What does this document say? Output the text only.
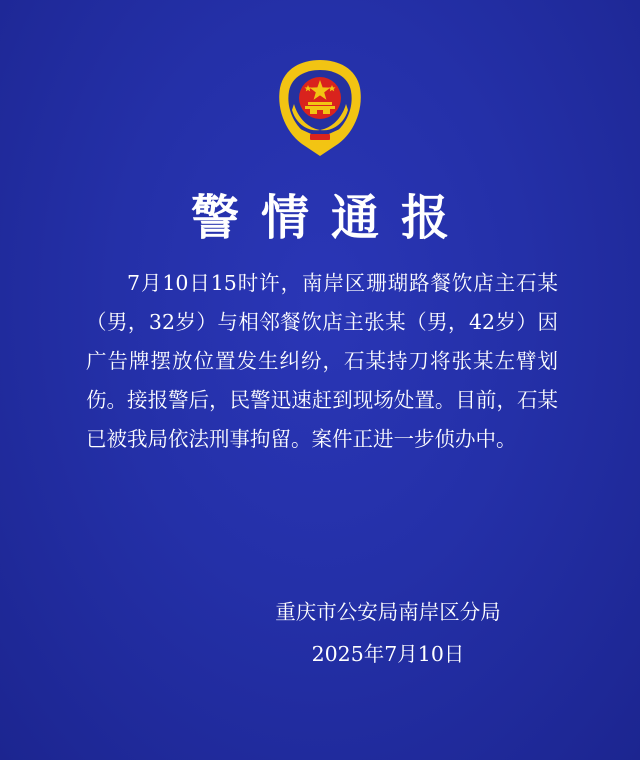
警情通报

7月10日15时许，南岸区珊瑚路餐饮店主石某（男，32岁）与相邻餐饮店主张某（男，42岁）因广告牌摆放位置发生纠纷，石某持刀将张某左臂划伤。接报警后，民警迅速赶到现场处置。目前，石某已被我局依法刑事拘留。案件正进一步侦办中。

重庆市公安局南岸区分局
2025年7月10日
